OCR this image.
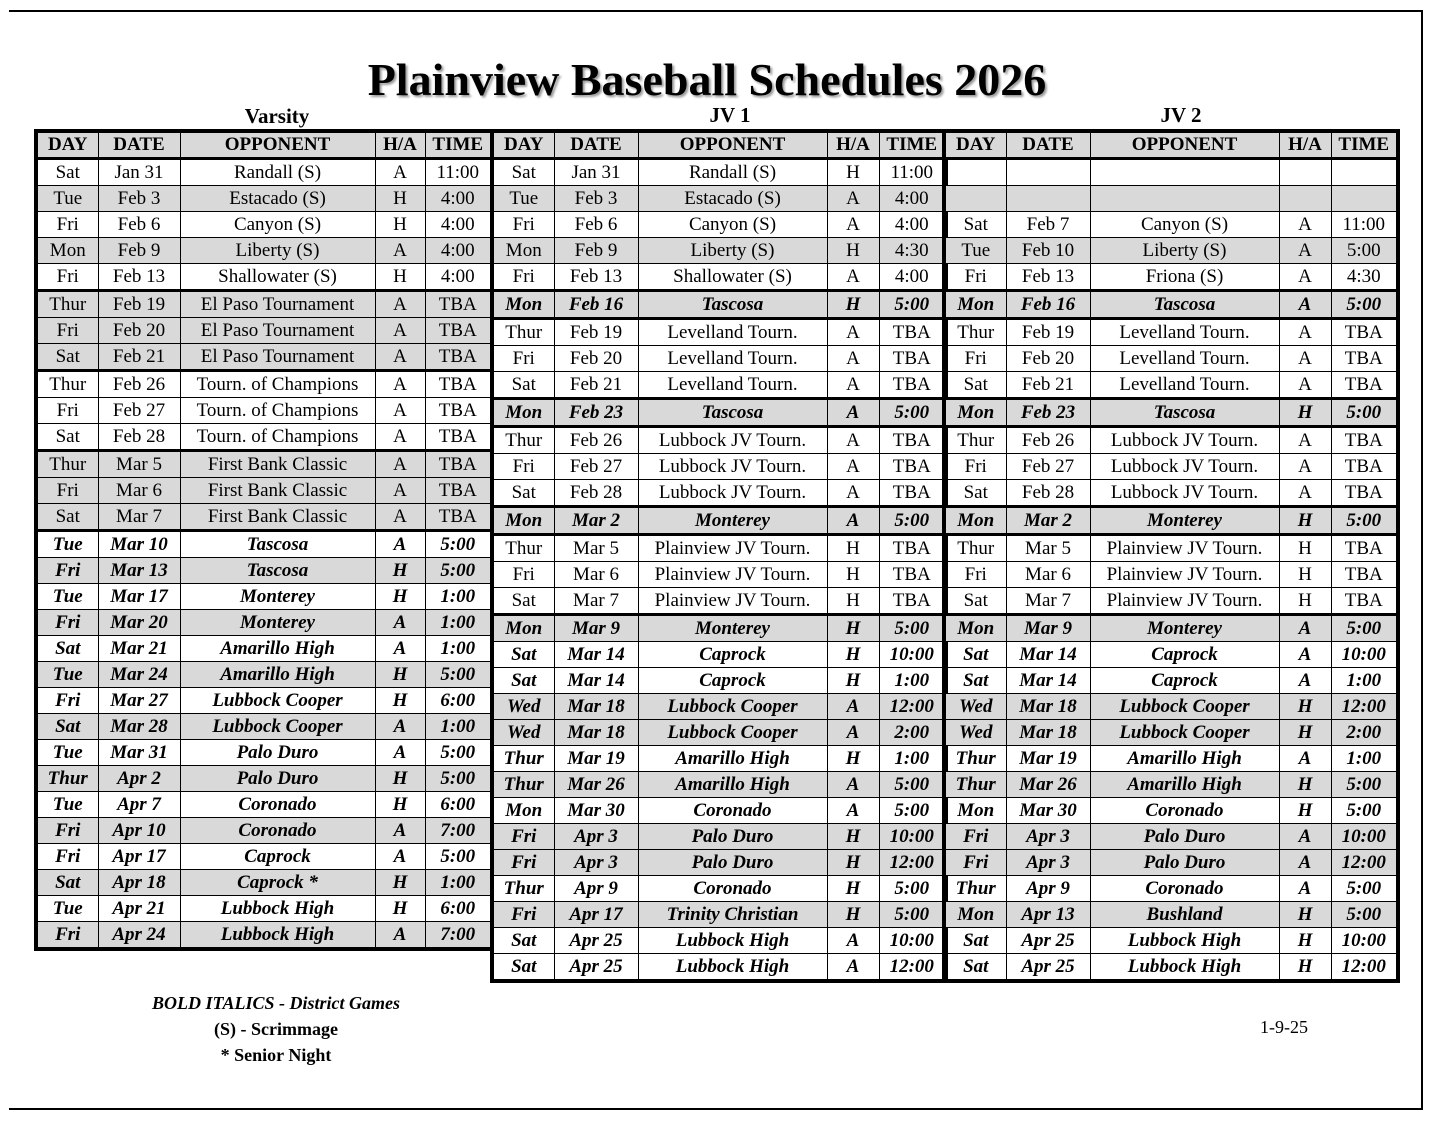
Plainview Baseball Schedules 2026
Varsity	JV 1	JV 2
DAY	DATE	OPPONENT	H/A	TIME
Sat	Jan 31	Randall (S)	A	11:00
Tue	Feb 3	Estacado (S)	H	4:00
Fri	Feb 6	Canyon (S)	H	4:00
Mon	Feb 9	Liberty (S)	A	4:00
Fri	Feb 13	Shallowater (S)	H	4:00
Thur	Feb 19	El Paso Tournament	A	TBA
Fri	Feb 20	El Paso Tournament	A	TBA
Sat	Feb 21	El Paso Tournament	A	TBA
Thur	Feb 26	Tourn. of Champions	A	TBA
Fri	Feb 27	Tourn. of Champions	A	TBA
Sat	Feb 28	Tourn. of Champions	A	TBA
Thur	Mar 5	First Bank Classic	A	TBA
Fri	Mar 6	First Bank Classic	A	TBA
Sat	Mar 7	First Bank Classic	A	TBA
Tue	Mar 10	Tascosa	A	5:00
Fri	Mar 13	Tascosa	H	5:00
Tue	Mar 17	Monterey	H	1:00
Fri	Mar 20	Monterey	A	1:00
Sat	Mar 21	Amarillo High	A	1:00
Tue	Mar 24	Amarillo High	H	5:00
Fri	Mar 27	Lubbock Cooper	H	6:00
Sat	Mar 28	Lubbock Cooper	A	1:00
Tue	Mar 31	Palo Duro	A	5:00
Thur	Apr 2	Palo Duro	H	5:00
Tue	Apr 7	Coronado	H	6:00
Fri	Apr 10	Coronado	A	7:00
Fri	Apr 17	Caprock	A	5:00
Sat	Apr 18	Caprock *	H	1:00
Tue	Apr 21	Lubbock High	H	6:00
Fri	Apr 24	Lubbock High	A	7:00
DAY	DATE	OPPONENT	H/A	TIME
Sat	Jan 31	Randall (S)	H	11:00
Tue	Feb 3	Estacado (S)	A	4:00
Fri	Feb 6	Canyon (S)	A	4:00
Mon	Feb 9	Liberty (S)	H	4:30
Fri	Feb 13	Shallowater (S)	A	4:00
Mon	Feb 16	Tascosa	H	5:00
Thur	Feb 19	Levelland Tourn.	A	TBA
Fri	Feb 20	Levelland Tourn.	A	TBA
Sat	Feb 21	Levelland Tourn.	A	TBA
Mon	Feb 23	Tascosa	A	5:00
Thur	Feb 26	Lubbock JV Tourn.	A	TBA
Fri	Feb 27	Lubbock JV Tourn.	A	TBA
Sat	Feb 28	Lubbock JV Tourn.	A	TBA
Mon	Mar 2	Monterey	A	5:00
Thur	Mar 5	Plainview JV Tourn.	H	TBA
Fri	Mar 6	Plainview JV Tourn.	H	TBA
Sat	Mar 7	Plainview JV Tourn.	H	TBA
Mon	Mar 9	Monterey	H	5:00
Sat	Mar 14	Caprock	H	10:00
Sat	Mar 14	Caprock	H	1:00
Wed	Mar 18	Lubbock Cooper	A	12:00
Wed	Mar 18	Lubbock Cooper	A	2:00
Thur	Mar 19	Amarillo High	H	1:00
Thur	Mar 26	Amarillo High	A	5:00
Mon	Mar 30	Coronado	A	5:00
Fri	Apr 3	Palo Duro	H	10:00
Fri	Apr 3	Palo Duro	H	12:00
Thur	Apr 9	Coronado	H	5:00
Fri	Apr 17	Trinity Christian	H	5:00
Sat	Apr 25	Lubbock High	A	10:00
Sat	Apr 25	Lubbock High	A	12:00
DAY	DATE	OPPONENT	H/A	TIME

Sat	Feb 7	Canyon (S)	A	11:00
Tue	Feb 10	Liberty (S)	A	5:00
Fri	Feb 13	Friona (S)	A	4:30
Mon	Feb 16	Tascosa	A	5:00
Thur	Feb 19	Levelland Tourn.	A	TBA
Fri	Feb 20	Levelland Tourn.	A	TBA
Sat	Feb 21	Levelland Tourn.	A	TBA
Mon	Feb 23	Tascosa	H	5:00
Thur	Feb 26	Lubbock JV Tourn.	A	TBA
Fri	Feb 27	Lubbock JV Tourn.	A	TBA
Sat	Feb 28	Lubbock JV Tourn.	A	TBA
Mon	Mar 2	Monterey	H	5:00
Thur	Mar 5	Plainview JV Tourn.	H	TBA
Fri	Mar 6	Plainview JV Tourn.	H	TBA
Sat	Mar 7	Plainview JV Tourn.	H	TBA
Mon	Mar 9	Monterey	A	5:00
Sat	Mar 14	Caprock	A	10:00
Sat	Mar 14	Caprock	A	1:00
Wed	Mar 18	Lubbock Cooper	H	12:00
Wed	Mar 18	Lubbock Cooper	H	2:00
Thur	Mar 19	Amarillo High	A	1:00
Thur	Mar 26	Amarillo High	H	5:00
Mon	Mar 30	Coronado	H	5:00
Fri	Apr 3	Palo Duro	A	10:00
Fri	Apr 3	Palo Duro	A	12:00
Thur	Apr 9	Coronado	A	5:00
Mon	Apr 13	Bushland	H	5:00
Sat	Apr 25	Lubbock High	H	10:00
Sat	Apr 25	Lubbock High	H	12:00
BOLD ITALICS - District Games
(S) - Scrimmage
* Senior Night
1-9-25
